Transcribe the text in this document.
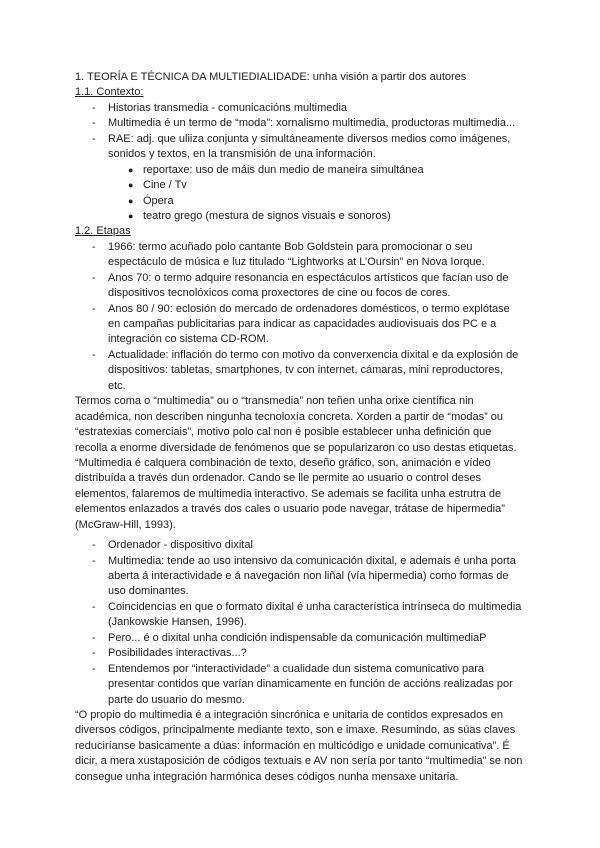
1. TEORÍA E TÉCNICA DA MULTIEDIALIDADE: unha visión a partir dos autores
1.1. Contexto:
- Historias transmedia - comunicacións multimedia
- Multimedia é un termo de “moda”: xornalismo multimedia, productoras multimedia...
- RAE: adj. que uliiza conjunta y simultáneamente diversos medios como imágenes,
sonidos y textos, en la transmisión de una información.
● reportaxe: uso de máis dun medio de maneira simultánea
● Cine / Tv
● Ópera
● teatro grego (mestura de signos visuais e sonoros)
1.2. Etapas
- 1966: termo acuñado polo cantante Bob Goldstein para promocionar o seu
espectáculo de música e luz titulado “Lightworks at L’Oursin” en Nova Iorque.
- Anos 70: o termo adquire resonancia en espectáculos artísticos que facían uso de
dispositivos tecnolóxicos coma proxectores de cine ou focos de cores.
- Anos 80 / 90: eclosión do mercado de ordenadores domésticos, o termo explótase
en campañas publicitarias para indicar as capacidades audiovisuais dos PC e a
integración co sistema CD-ROM.
- Actualidade: inflación do termo con motivo da converxencia dixital e da explosión de
dispositivos: tabletas, smartphones, tv con internet, cámaras, mini reproductores,
etc.
Termos coma o “multimedia” ou o “transmedia” non teñen unha orixe científica nin
académica, non describen ningunha tecnoloxía concreta. Xorden a partir de “modas” ou
“estratexias comerciais”, motivo polo cal non é posible establecer unha definición que
recolla a enorme diversidade de fenómenos que se popularizaron co uso destas etiquetas.
“Multimedia é calquera combinación de texto, deseño gráfico, son, animación e vídeo
distribuída a través dun ordenador. Cando se lle permite ao usuario o control deses
elementos, falaremos de multimedia interactivo. Se ademais se facilita unha estrutra de
elementos enlazados a través dos cales o usuario pode navegar, trátase de hipermedia”
(McGraw-Hill, 1993).
- Ordenador - dispositivo dixital
- Multimedia: tende ao uso intensivo da comunicación dixital, e ademais é unha porta
aberta á interactividade e á navegación non liñal (vía hipermedia) como formas de
uso dominantes.
- Coincidencias en que o formato dixital é unha característica intrínseca do multimedia
(Jankowskie Hansen, 1996).
- Pero... é o dixital unha condición indispensable da comunicación multimediaP
- Posibilidades interactivas...?
- Entendemos por “interactividade” a cualidade dun sistema comunicativo para
presentar contidos que varían dinamicamente en función de accións realizadas por
parte do usuario do mesmo.
“O propio do multimedia é a integración sincrónica e unitaria de contidos expresados en
diversos códigos, principalmente mediante texto, son e imaxe. Resumindo, as súas claves
reduciríanse basicamente a dúas: información en multicódigo e unidade comunicativa”. É
dicir, a mera xustaposición de códigos textuais e AV non sería por tanto “multimedia” se non
consegue unha integración harmónica deses códigos nunha mensaxe unitaria.
